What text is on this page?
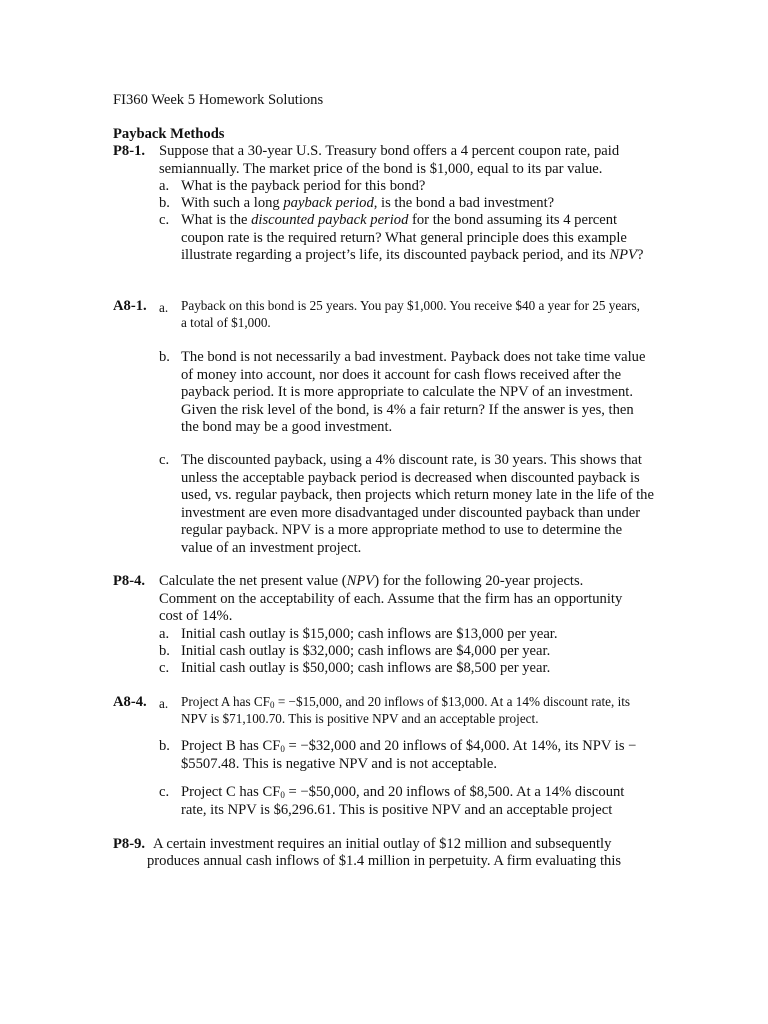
FI360 Week 5 Homework Solutions

Payback Methods

P8-1. Suppose that a 30-year U.S. Treasury bond offers a 4 percent coupon rate, paid semiannually. The market price of the bond is $1,000, equal to its par value.

a. What is the payback period for this bond?

b. With such a long payback period, is the bond a bad investment?

c. What is the discounted payback period for the bond assuming its 4 percent coupon rate is the required return? What general principle does this example illustrate regarding a project’s life, its discounted payback period, and its NPV?

A8-1. a. Payback on this bond is 25 years. You pay $1,000. You receive $40 a year for 25 years, a total of $1,000.

b. The bond is not necessarily a bad investment. Payback does not take time value of money into account, nor does it account for cash flows received after the payback period. It is more appropriate to calculate the NPV of an investment. Given the risk level of the bond, is 4% a fair return? If the answer is yes, then the bond may be a good investment.

c. The discounted payback, using a 4% discount rate, is 30 years. This shows that unless the acceptable payback period is decreased when discounted payback is used, vs. regular payback, then projects which return money late in the life of the investment are even more disadvantaged under discounted payback than under regular payback. NPV is a more appropriate method to use to determine the value of an investment project.

P8-4. Calculate the net present value (NPV) for the following 20-year projects. Comment on the acceptability of each. Assume that the firm has an opportunity cost of 14%.

a. Initial cash outlay is $15,000; cash inflows are $13,000 per year.

b. Initial cash outlay is $32,000; cash inflows are $4,000 per year.

c. Initial cash outlay is $50,000; cash inflows are $8,500 per year.

A8-4. a. Project A has $CF_0$ = −$15,000, and 20 inflows of $13,000. At a 14% discount rate, its NPV is $71,100.70. This is positive NPV and an acceptable project.

b. Project B has $CF_0$ = −$32,000 and 20 inflows of $4,000. At 14%, its NPV is −$5507.48. This is negative NPV and is not acceptable.

c. Project C has $CF_0$ = −$50,000, and 20 inflows of $8,500. At a 14% discount rate, its NPV is $6,296.61. This is positive NPV and an acceptable project

P8-9. A certain investment requires an initial outlay of $12 million and subsequently

produces annual cash inflows of $1.4 million in perpetuity. A firm evaluating this
